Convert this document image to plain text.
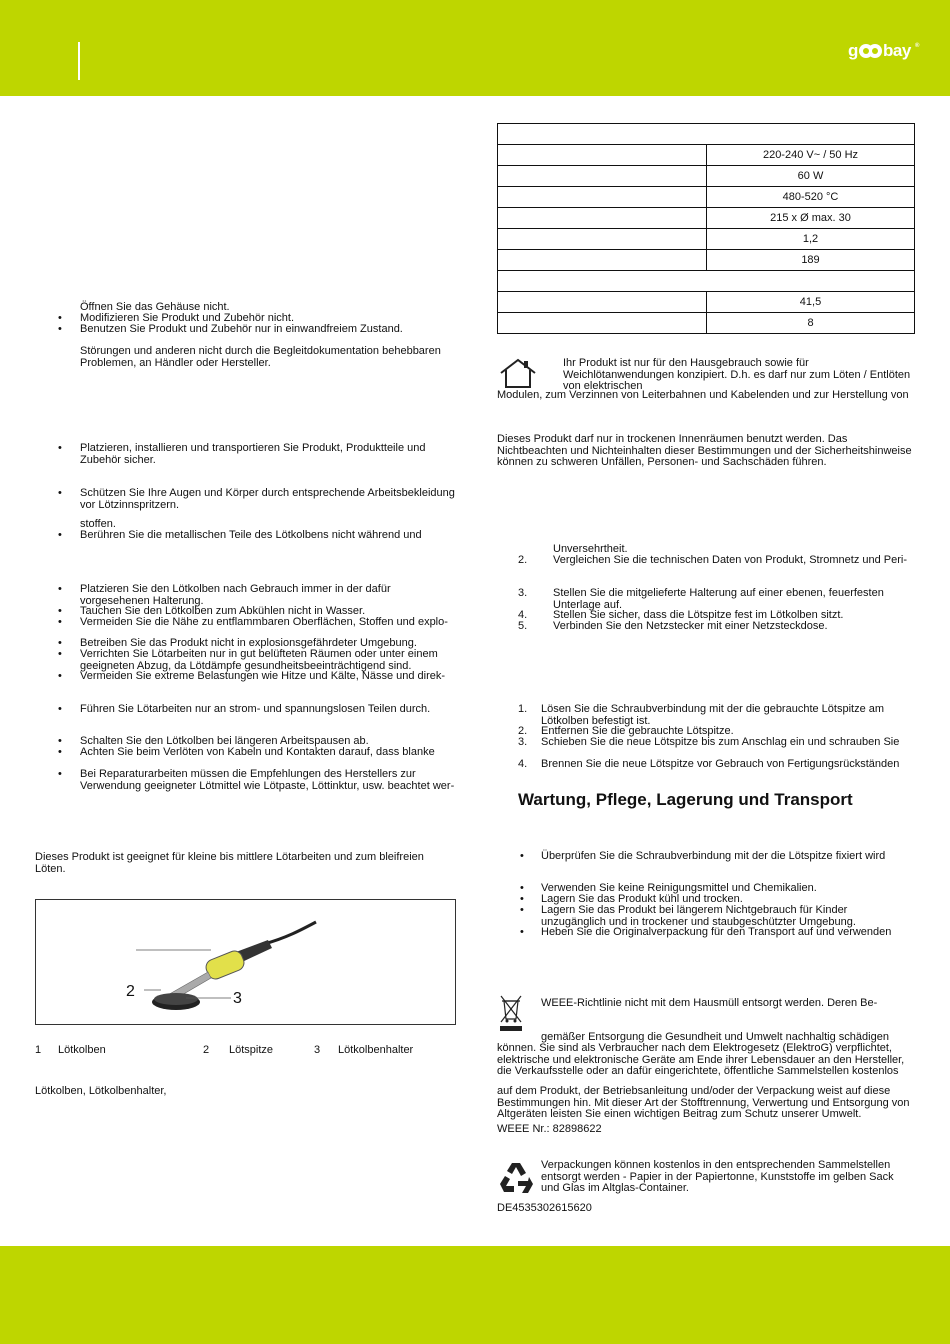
g bay ®
Öffnen Sie das Gehäuse nicht.
• Modifizieren Sie Produkt und Zubehör nicht.
• Benutzen Sie Produkt und Zubehör nur in einwandfreiem Zustand.
Störungen und anderen nicht durch die Begleitdokumentation behebbaren Problemen, an Händler oder Hersteller.
• Platzieren, installieren und transportieren Sie Produkt, Produktteile und Zubehör sicher.
• Schützen Sie Ihre Augen und Körper durch entsprechende Arbeitsbekleidung vor Lötzinnspritzern.
stoffen.
• Berühren Sie die metallischen Teile des Lötkolbens nicht während und
• Platzieren Sie den Lötkolben nach Gebrauch immer in der dafür vorgesehenen Halterung.
• Tauchen Sie den Lötkolben zum Abkühlen nicht in Wasser.
• Vermeiden Sie die Nähe zu entflammbaren Oberflächen, Stoffen und explo-
• Betreiben Sie das Produkt nicht in explosionsgefährdeter Umgebung.
• Verrichten Sie Lötarbeiten nur in gut belüfteten Räumen oder unter einem geeigneten Abzug, da Lötdämpfe gesundheitsbeeinträchtigend sind.
• Vermeiden Sie extreme Belastungen wie Hitze und Kälte, Nässe und direk-
• Führen Sie Lötarbeiten nur an strom- und spannungslosen Teilen durch.
• Schalten Sie den Lötkolben bei längeren Arbeitspausen ab.
• Achten Sie beim Verlöten von Kabeln und Kontakten darauf, dass blanke
• Bei Reparaturarbeiten müssen die Empfehlungen des Herstellers zur Verwendung geeigneter Lötmittel wie Lötpaste, Löttinktur, usw. beachtet wer-
Dieses Produkt ist geeignet für kleine bis mittlere Lötarbeiten und zum bleifreien Löten.
2	3
1 Lötkolben	2 Lötspitze	3 Lötkolbenhalter
Lötkolben, Lötkolbenhalter,

	220-240 V~ / 50 Hz
	60 W
	480-520 °C
	215 x Ø max. 30
	1,2
	189

	41,5
	8
Ihr Produkt ist nur für den Hausgebrauch sowie für Weichlötanwendungen konzipiert. D.h. es darf nur zum Löten / Entlöten von elektrischen
Modulen, zum Verzinnen von Leiterbahnen und Kabelenden und zur Herstellung von
Dieses Produkt darf nur in trockenen Innenräumen benutzt werden. Das Nichtbeachten und Nichteinhalten dieser Bestimmungen und der Sicherheitshinweise können zu schweren Unfällen, Personen- und Sachschäden führen.
Unversehrtheit.
2. Vergleichen Sie die technischen Daten von Produkt, Stromnetz und Peri-
3. Stellen Sie die mitgelieferte Halterung auf einer ebenen, feuerfesten Unterlage auf.
4. Stellen Sie sicher, dass die Lötspitze fest im Lötkolben sitzt.
5. Verbinden Sie den Netzstecker mit einer Netzsteckdose.
1. Lösen Sie die Schraubverbindung mit der die gebrauchte Lötspitze am Lötkolben befestigt ist.
2. Entfernen Sie die gebrauchte Lötspitze.
3. Schieben Sie die neue Lötspitze bis zum Anschlag ein und schrauben Sie
4. Brennen Sie die neue Lötspitze vor Gebrauch von Fertigungsrückständen
Wartung, Pflege, Lagerung und Transport
• Überprüfen Sie die Schraubverbindung mit der die Lötspitze fixiert wird
• Verwenden Sie keine Reinigungsmittel und Chemikalien.
• Lagern Sie das Produkt kühl und trocken.
• Lagern Sie das Produkt bei längerem Nichtgebrauch für Kinder unzugänglich und in trockener und staubgeschützter Umgebung.
• Heben Sie die Originalverpackung für den Transport auf und verwenden
WEEE-Richtlinie nicht mit dem Hausmüll entsorgt werden. Deren Be-
gemäßer Entsorgung die Gesundheit und Umwelt nachhaltig schädigen
können. Sie sind als Verbraucher nach dem Elektrogesetz (ElektroG) verpflichtet, elektrische und elektronische Geräte am Ende ihrer Lebensdauer an den Hersteller, die Verkaufsstelle oder an dafür eingerichtete, öffentliche Sammelstellen kostenlos
auf dem Produkt, der Betriebsanleitung und/oder der Verpackung weist auf diese Bestimmungen hin. Mit dieser Art der Stofftrennung, Verwertung und Entsorgung von Altgeräten leisten Sie einen wichtigen Beitrag zum Schutz unserer Umwelt.
WEEE Nr.: 82898622
Verpackungen können kostenlos in den entsprechenden Sammelstellen entsorgt werden - Papier in der Papiertonne, Kunststoffe im gelben Sack und Glas im Altglas-Container.
DE4535302615620
